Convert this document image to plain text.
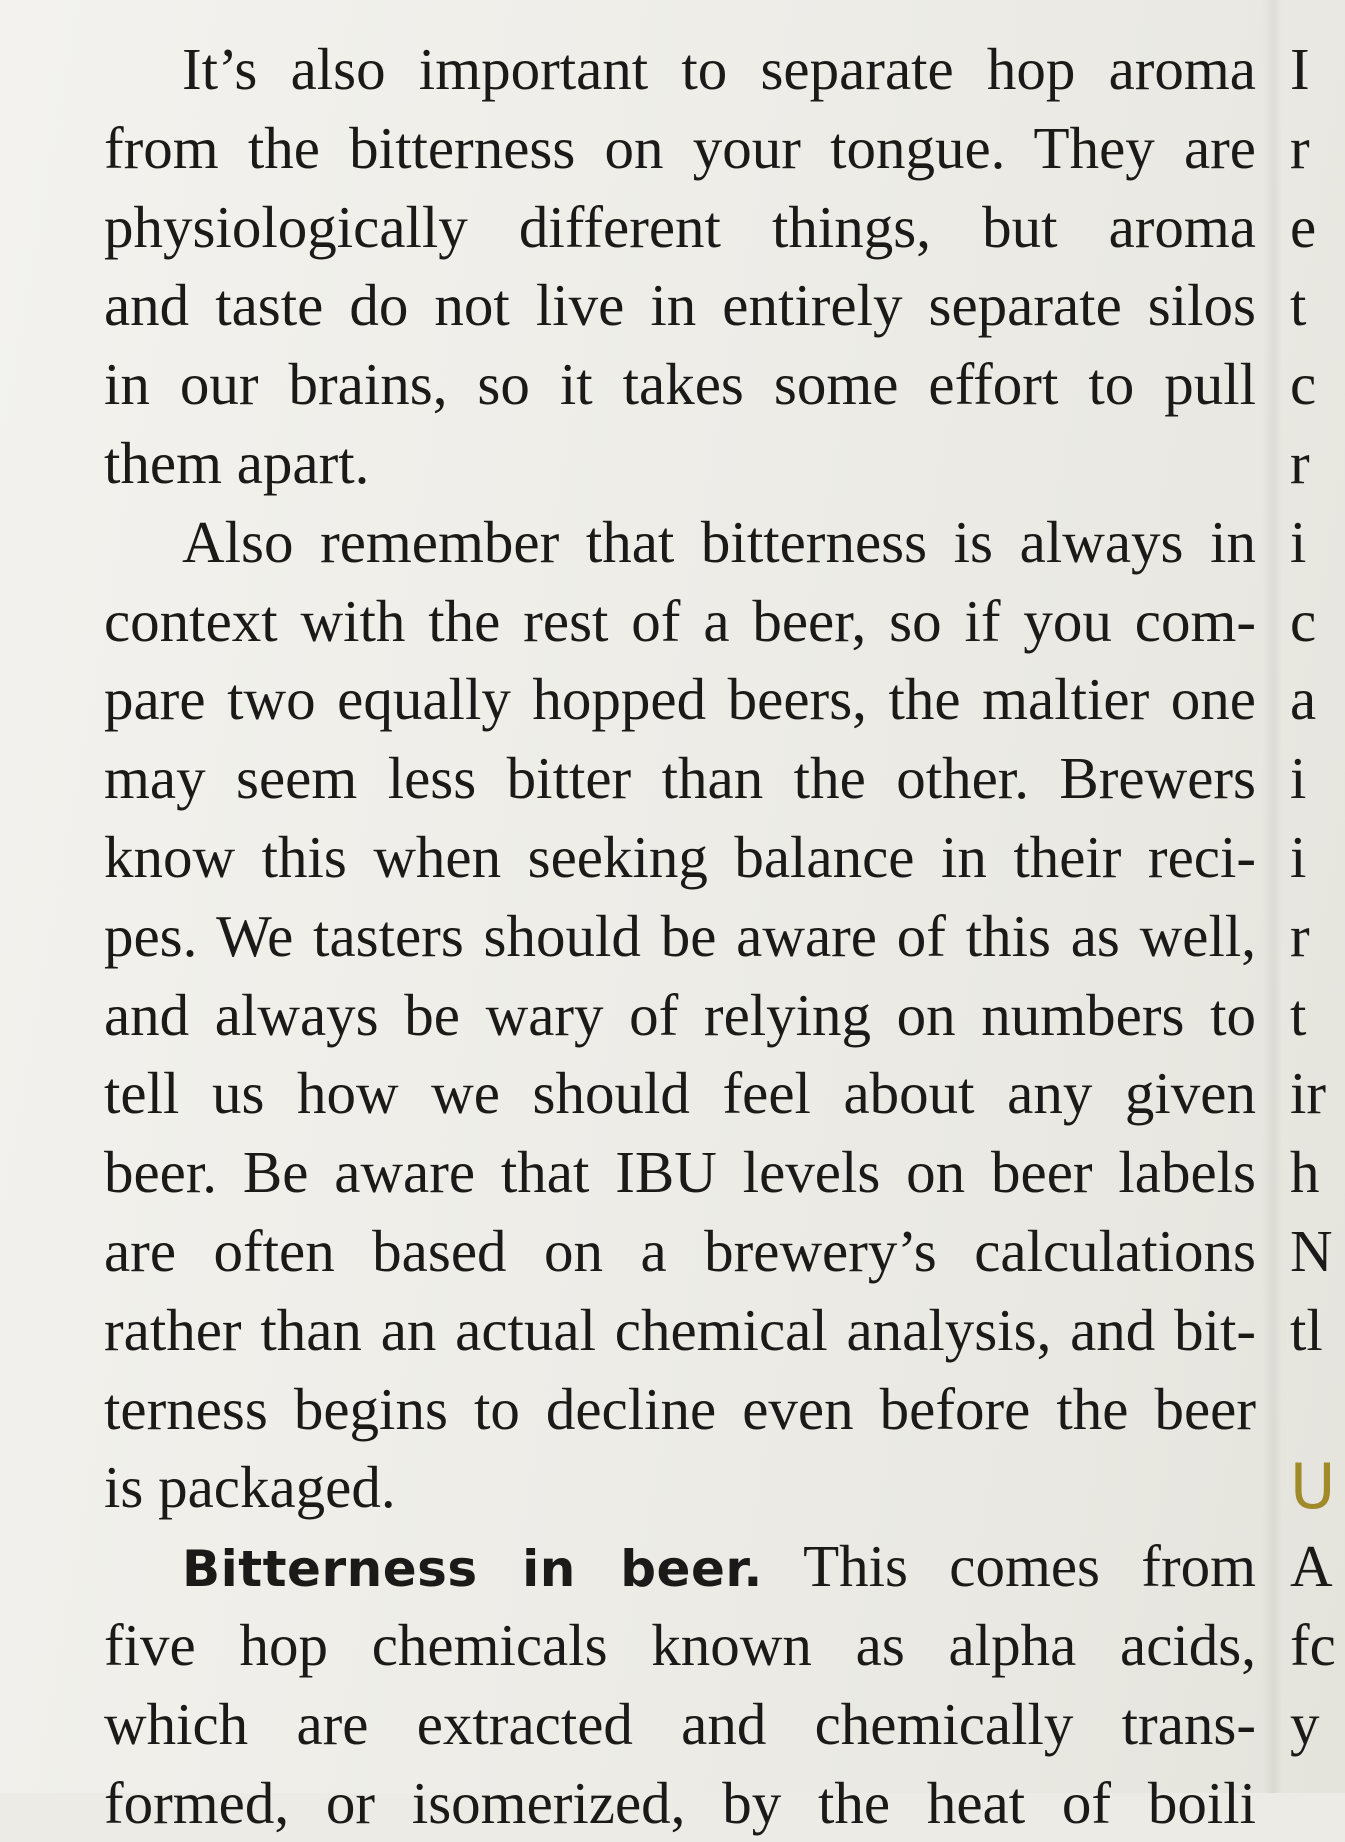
It’s also important to separate hop aroma
from the bitterness on your tongue. They are
physiologically different things, but aroma
and taste do not live in entirely separate silos
in our brains, so it takes some effort to pull
them apart.
Also remember that bitterness is always in
context with the rest of a beer, so if you com-
pare two equally hopped beers, the maltier one
may seem less bitter than the other. Brewers
know this when seeking balance in their reci-
pes. We tasters should be aware of this as well,
and always be wary of relying on numbers to
tell us how we should feel about any given
beer. Be aware that IBU levels on beer labels
are often based on a brewery’s calculations
rather than an actual chemical analysis, and bit-
terness begins to decline even before the beer
is packaged.
Bitterness in beer. This comes from
five hop chemicals known as alpha acids,
which are extracted and chemically trans-
formed, or isomerized, by the heat of boili
I
r
e
t
c
r
i
c
a
i
i
r
t
ir
h
N
tl
U
A
fc
y
